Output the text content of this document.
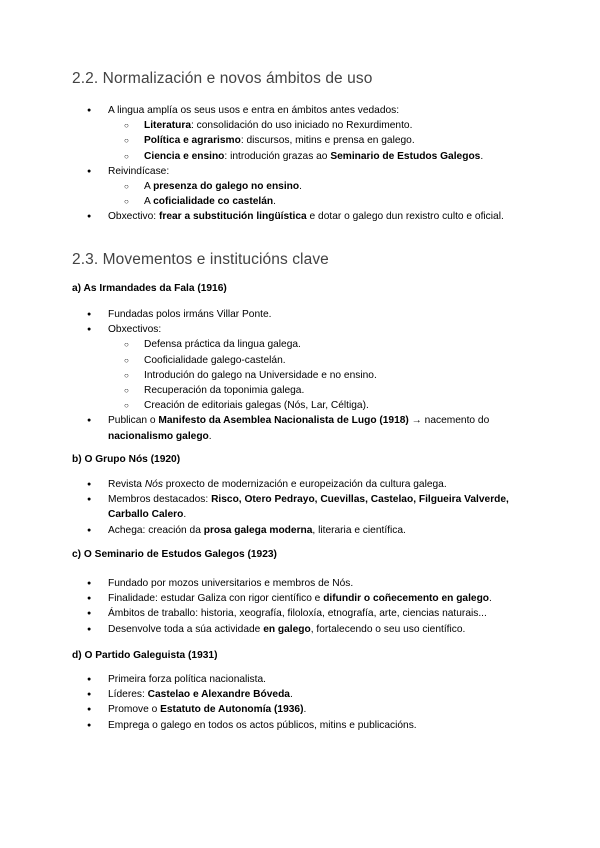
2.2. Normalización e novos ámbitos de uso
● A lingua amplía os seus usos e entra en ámbitos antes vedados:
○ Literatura: consolidación do uso iniciado no Rexurdimento.
○ Política e agrarismo: discursos, mitins e prensa en galego.
○ Ciencia e ensino: introdución grazas ao Seminario de Estudos Galegos.
● Reivindícase:
○ A presenza do galego no ensino.
○ A coficialidade co castelán.
● Obxectivo: frear a substitución lingüística e dotar o galego dun rexistro culto e oficial.
2.3. Movementos e institucións clave
a) As Irmandades da Fala (1916)
● Fundadas polos irmáns Villar Ponte.
● Obxectivos:
○ Defensa práctica da lingua galega.
○ Cooficialidade galego-castelán.
○ Introdución do galego na Universidade e no ensino.
○ Recuperación da toponimia galega.
○ Creación de editoriais galegas (Nós, Lar, Céltiga).
● Publican o Manifesto da Asemblea Nacionalista de Lugo (1918) → nacemento do nacionalismo galego.
b) O Grupo Nós (1920)
● Revista Nós proxecto de modernización e europeización da cultura galega.
● Membros destacados: Risco, Otero Pedrayo, Cuevillas, Castelao, Filgueira Valverde, Carballo Calero.
● Achega: creación da prosa galega moderna, literaria e científica.
c) O Seminario de Estudos Galegos (1923)
● Fundado por mozos universitarios e membros de Nós.
● Finalidade: estudar Galiza con rigor científico e difundir o coñecemento en galego.
● Ámbitos de traballo: historia, xeografía, filoloxía, etnografía, arte, ciencias naturais...
● Desenvolve toda a súa actividade en galego, fortalecendo o seu uso científico.
d) O Partido Galeguista (1931)
● Primeira forza política nacionalista.
● Líderes: Castelao e Alexandre Bóveda.
● Promove o Estatuto de Autonomía (1936).
● Emprega o galego en todos os actos públicos, mitins e publicacións.
